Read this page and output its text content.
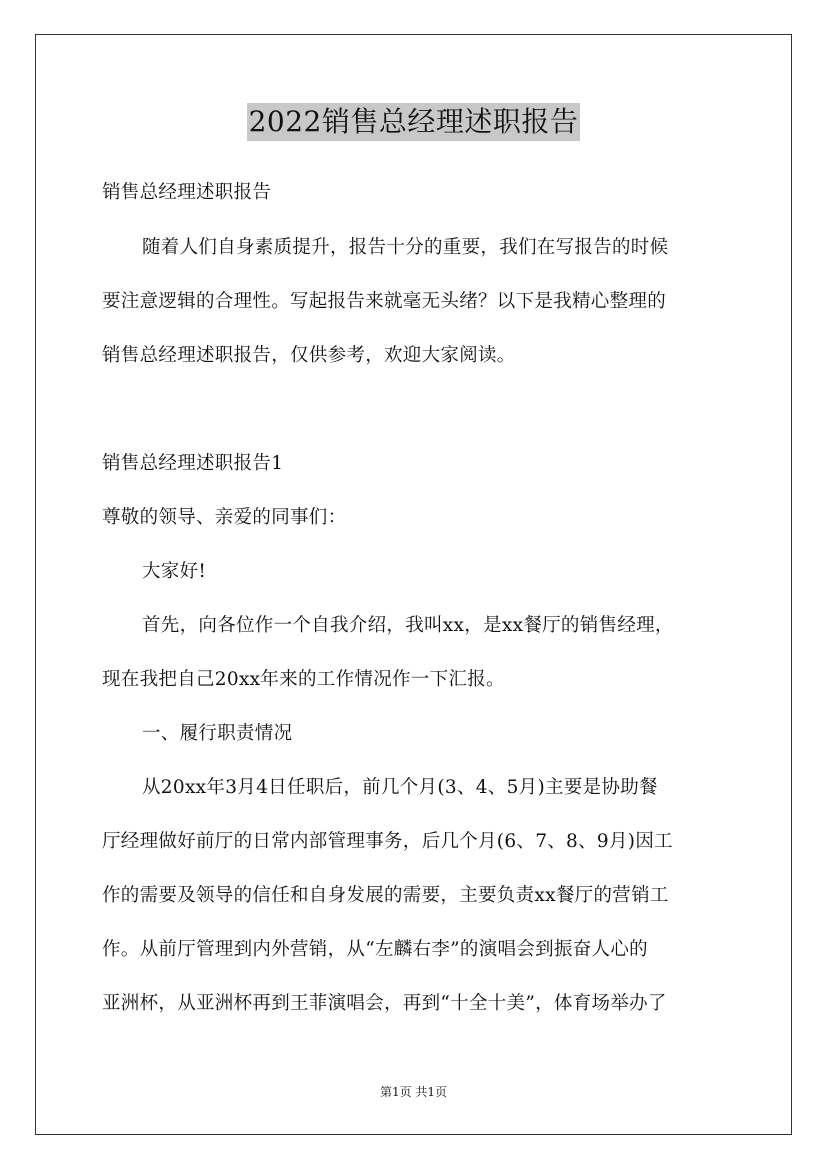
2022销售总经理述职报告
销售总经理述职报告
随着人们自身素质提升，报告十分的重要，我们在写报告的时候
要注意逻辑的合理性。写起报告来就毫无头绪？以下是我精心整理的
销售总经理述职报告，仅供参考，欢迎大家阅读。
销售总经理述职报告1
尊敬的领导、亲爱的同事们：
大家好!
首先，向各位作一个自我介绍，我叫xx，是xx餐厅的销售经理，
现在我把自己20xx年来的工作情况作一下汇报。
一、履行职责情况
从20xx年3月4日任职后，前几个月(3、4、5月)主要是协助餐
厅经理做好前厅的日常内部管理事务，后几个月(6、7、8、9月)因工
作的需要及领导的信任和自身发展的需要，主要负责xx餐厅的营销工
作。从前厅管理到内外营销，从“左麟右李”的演唱会到振奋人心的
亚洲杯，从亚洲杯再到王菲演唱会，再到“十全十美”，体育场举办了
第1页 共1页
